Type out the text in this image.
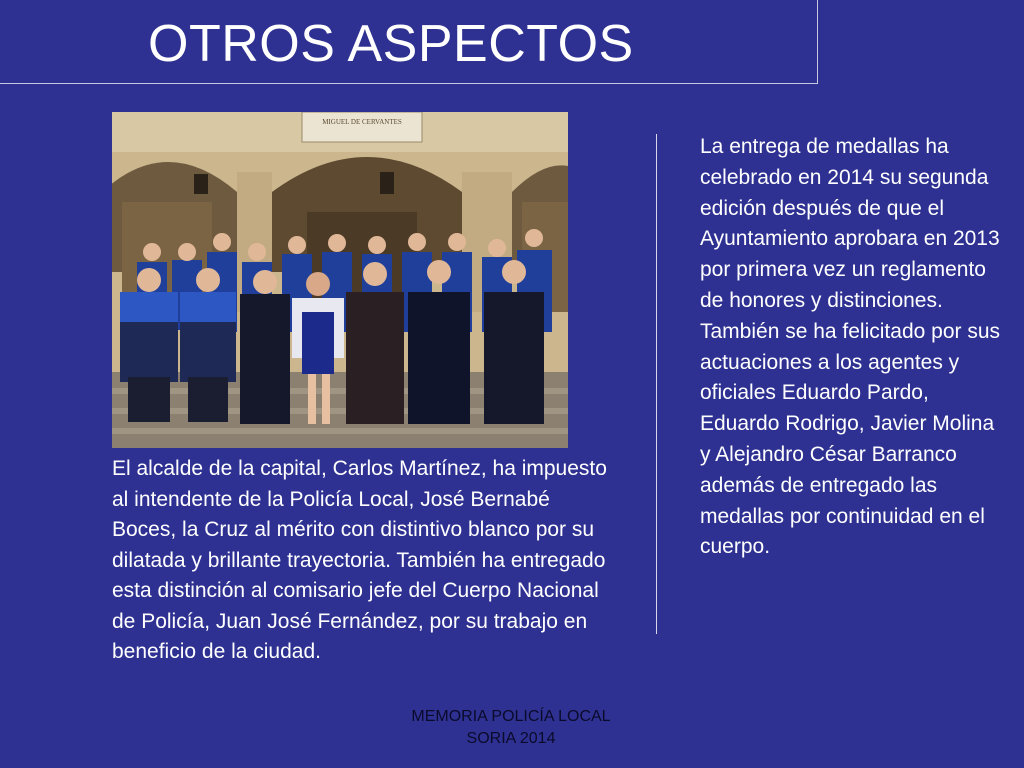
OTROS ASPECTOS
MIGUEL DE CERVANTES
El alcalde de la capital, Carlos Martínez, ha impuesto al intendente de la Policía Local, José Bernabé Boces, la Cruz al mérito con distintivo blanco por su dilatada y brillante trayectoria. También ha entregado esta distinción al comisario jefe del Cuerpo Nacional de Policía, Juan José Fernández, por su trabajo en beneficio de la ciudad.
La entrega de medallas ha celebrado en 2014 su segunda edición después de que el Ayuntamiento aprobara en 2013 por primera vez un reglamento de honores y distinciones. También se ha felicitado por sus actuaciones a los agentes y oficiales Eduardo Pardo, Eduardo Rodrigo, Javier Molina y Alejandro César Barranco además de entregado las medallas por continuidad en el cuerpo.
MEMORIA POLICÍA LOCAL
SORIA 2014
